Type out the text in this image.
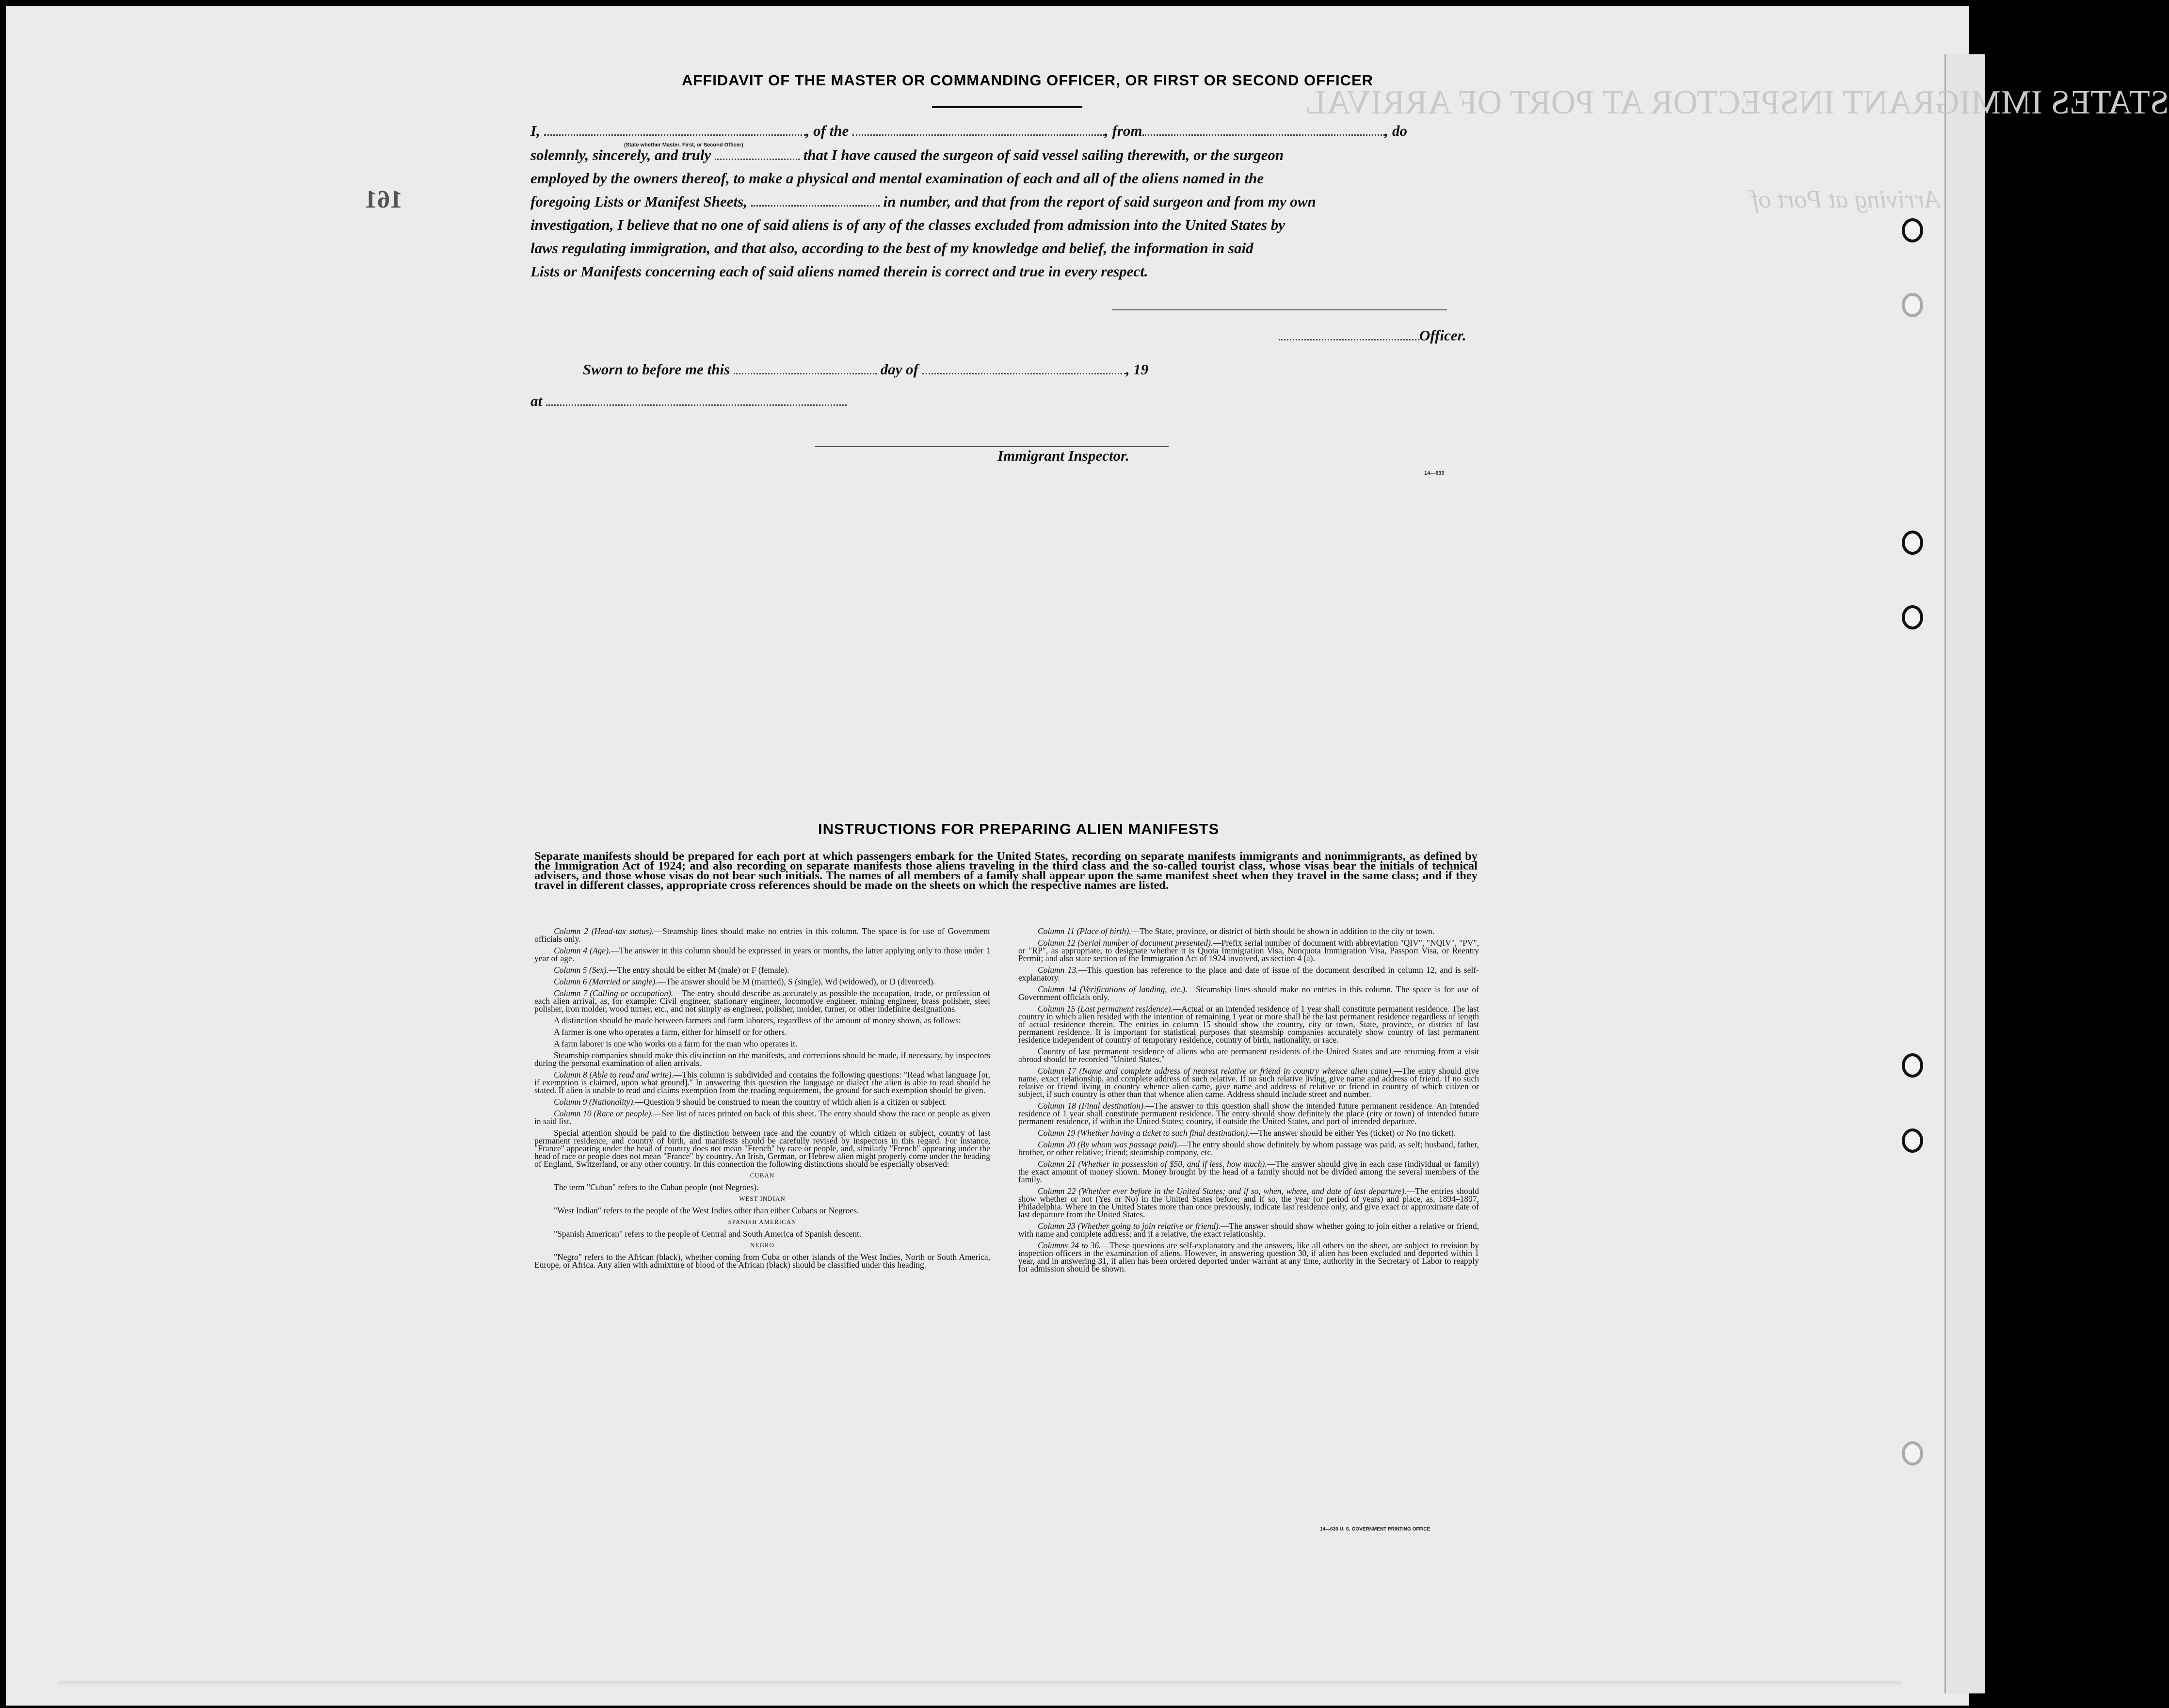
STATES IMMIGRANT INSPECTOR AT PORT OF ARRIVAL
Arriving at Port of
161
AFFIDAVIT OF THE MASTER OR COMMANDING OFFICER, OR FIRST OR SECOND OFFICER
I,	, of the	, from	, do
(State whether Master, First, or Second Officer)
solemnly, sincerely, and truly	that I have caused the surgeon of said vessel sailing therewith, or the surgeon
employed by the owners thereof, to make a physical and mental examination of each and all of the aliens named in the
foregoing Lists or Manifest Sheets,	in number, and that from the report of said surgeon and from my own
investigation, I believe that no one of said aliens is of any of the classes excluded from admission into the United States by
laws regulating immigration, and that also, according to the best of my knowledge and belief, the information in said
Lists or Manifests concerning each of said aliens named therein is correct and true in every respect.
Officer.
Sworn to before me this	day of	, 19
at
Immigrant Inspector.
14—630
INSTRUCTIONS FOR PREPARING ALIEN MANIFESTS
Separate manifests should be prepared for each port at which passengers embark for the United States, recording on separate manifests immigrants and nonimmigrants, as defined by the Immigration Act of 1924; and also recording on separate manifests those aliens traveling in the third class and the so-called tourist class, whose visas bear the initials of technical advisers, and those whose visas do not bear such initials. The names of all members of a family shall appear upon the same manifest sheet when they travel in the same class; and if they travel in different classes, appropriate cross references should be made on the sheets on which the respective names are listed.

Column 2 (Head-tax status).—Steamship lines should make no entries in this column. The space is for use of Government officials only.

Column 4 (Age).—The answer in this column should be expressed in years or months, the latter applying only to those under 1 year of age.

Column 5 (Sex).—The entry should be either M (male) or F (female).

Column 6 (Married or single).—The answer should be M (married), S (single), Wd (widowed), or D (divorced).

Column 7 (Calling or occupation).—The entry should describe as accurately as possible the occupation, trade, or profession of each alien arrival, as, for example: Civil engineer, stationary engineer, locomotive engineer, mining engineer, brass polisher, steel polisher, iron molder, wood turner, etc., and not simply as engineer, polisher, molder, turner, or other indefinite designations.

A distinction should be made between farmers and farm laborers, regardless of the amount of money shown, as follows:

A farmer is one who operates a farm, either for himself or for others.

A farm laborer is one who works on a farm for the man who operates it.

Steamship companies should make this distinction on the manifests, and corrections should be made, if necessary, by inspectors during the personal examination of alien arrivals.

Column 8 (Able to read and write).—This column is subdivided and contains the following questions: "Read what language [or, if exemption is claimed, upon what ground]." In answering this question the language or dialect the alien is able to read should be stated. If alien is unable to read and claims exemption from the reading requirement, the ground for such exemption should be given.

Column 9 (Nationality).—Question 9 should be construed to mean the country of which alien is a citizen or subject.

Column 10 (Race or people).—See list of races printed on back of this sheet. The entry should show the race or people as given in said list.

Special attention should be paid to the distinction between race and the country of which citizen or subject, country of last permanent residence, and country of birth, and manifests should be carefully revised by inspectors in this regard. For instance, "France" appearing under the head of country does not mean "French" by race or people, and, similarly "French" appearing under the head of race or people does not mean "France" by country. An Irish, German, or Hebrew alien might properly come under the heading of England, Switzerland, or any other country. In this connection the following distinctions should be especially observed:

CUBAN

The term "Cuban" refers to the Cuban people (not Negroes).

WEST INDIAN

"West Indian" refers to the people of the West Indies other than either Cubans or Negroes.

SPANISH AMERICAN

"Spanish American" refers to the people of Central and South America of Spanish descent.

NEGRO

"Negro" refers to the African (black), whether coming from Cuba or other islands of the West Indies, North or South America, Europe, or Africa. Any alien with admixture of blood of the African (black) should be classified under this heading.

Column 11 (Place of birth).—The State, province, or district of birth should be shown in addition to the city or town.

Column 12 (Serial number of document presented).—Prefix serial number of document with abbreviation "QIV", "NQIV", "PV", or "RP", as appropriate, to designate whether it is Quota Immigration Visa, Nonquota Immigration Visa, Passport Visa, or Reentry Permit; and also state section of the Immigration Act of 1924 involved, as section 4 (a).

Column 13.—This question has reference to the place and date of issue of the document described in column 12, and is self-explanatory.

Column 14 (Verifications of landing, etc.).—Steamship lines should make no entries in this column. The space is for use of Government officials only.

Column 15 (Last permanent residence).—Actual or an intended residence of 1 year shall constitute permanent residence. The last country in which alien resided with the intention of remaining 1 year or more shall be the last permanent residence regardless of length of actual residence therein. The entries in column 15 should show the country, city or town, State, province, or district of last permanent residence. It is important for statistical purposes that steamship companies accurately show country of last permanent residence independent of country of temporary residence, country of birth, nationality, or race.

Country of last permanent residence of aliens who are permanent residents of the United States and are returning from a visit abroad should be recorded "United States."

Column 17 (Name and complete address of nearest relative or friend in country whence alien came).—The entry should give name, exact relationship, and complete address of such relative. If no such relative living, give name and address of friend. If no such relative or friend living in country whence alien came, give name and address of relative or friend in country of which citizen or subject, if such country is other than that whence alien came. Address should include street and number.

Column 18 (Final destination).—The answer to this question shall show the intended future permanent residence. An intended residence of 1 year shall constitute permanent residence. The entry should show definitely the place (city or town) of intended future permanent residence, if within the United States; country, if outside the United States, and port of intended departure.

Column 19 (Whether having a ticket to such final destination).—The answer should be either Yes (ticket) or No (no ticket).

Column 20 (By whom was passage paid).—The entry should show definitely by whom passage was paid, as self; husband, father, brother, or other relative; friend; steamship company, etc.

Column 21 (Whether in possession of $50, and if less, how much).—The answer should give in each case (individual or family) the exact amount of money shown. Money brought by the head of a family should not be divided among the several members of the family.

Column 22 (Whether ever before in the United States; and if so, when, where, and date of last departure).—The entries should show whether or not (Yes or No) in the United States before; and if so, the year (or period of years) and place, as, 1894–1897, Philadelphia. Where in the United States more than once previously, indicate last residence only, and give exact or approximate date of last departure from the United States.

Column 23 (Whether going to join relative or friend).—The answer should show whether going to join either a relative or friend, with name and complete address; and if a relative, the exact relationship.

Columns 24 to 36.—These questions are self-explanatory and the answers, like all others on the sheet, are subject to revision by inspection officers in the examination of aliens. However, in answering question 30, if alien has been excluded and deported within 1 year, and in answering 31, if alien has been ordered deported under warrant at any time, authority in the Secretary of Labor to reapply for admission should be shown.

14—630 U. S. GOVERNMENT PRINTING OFFICE
